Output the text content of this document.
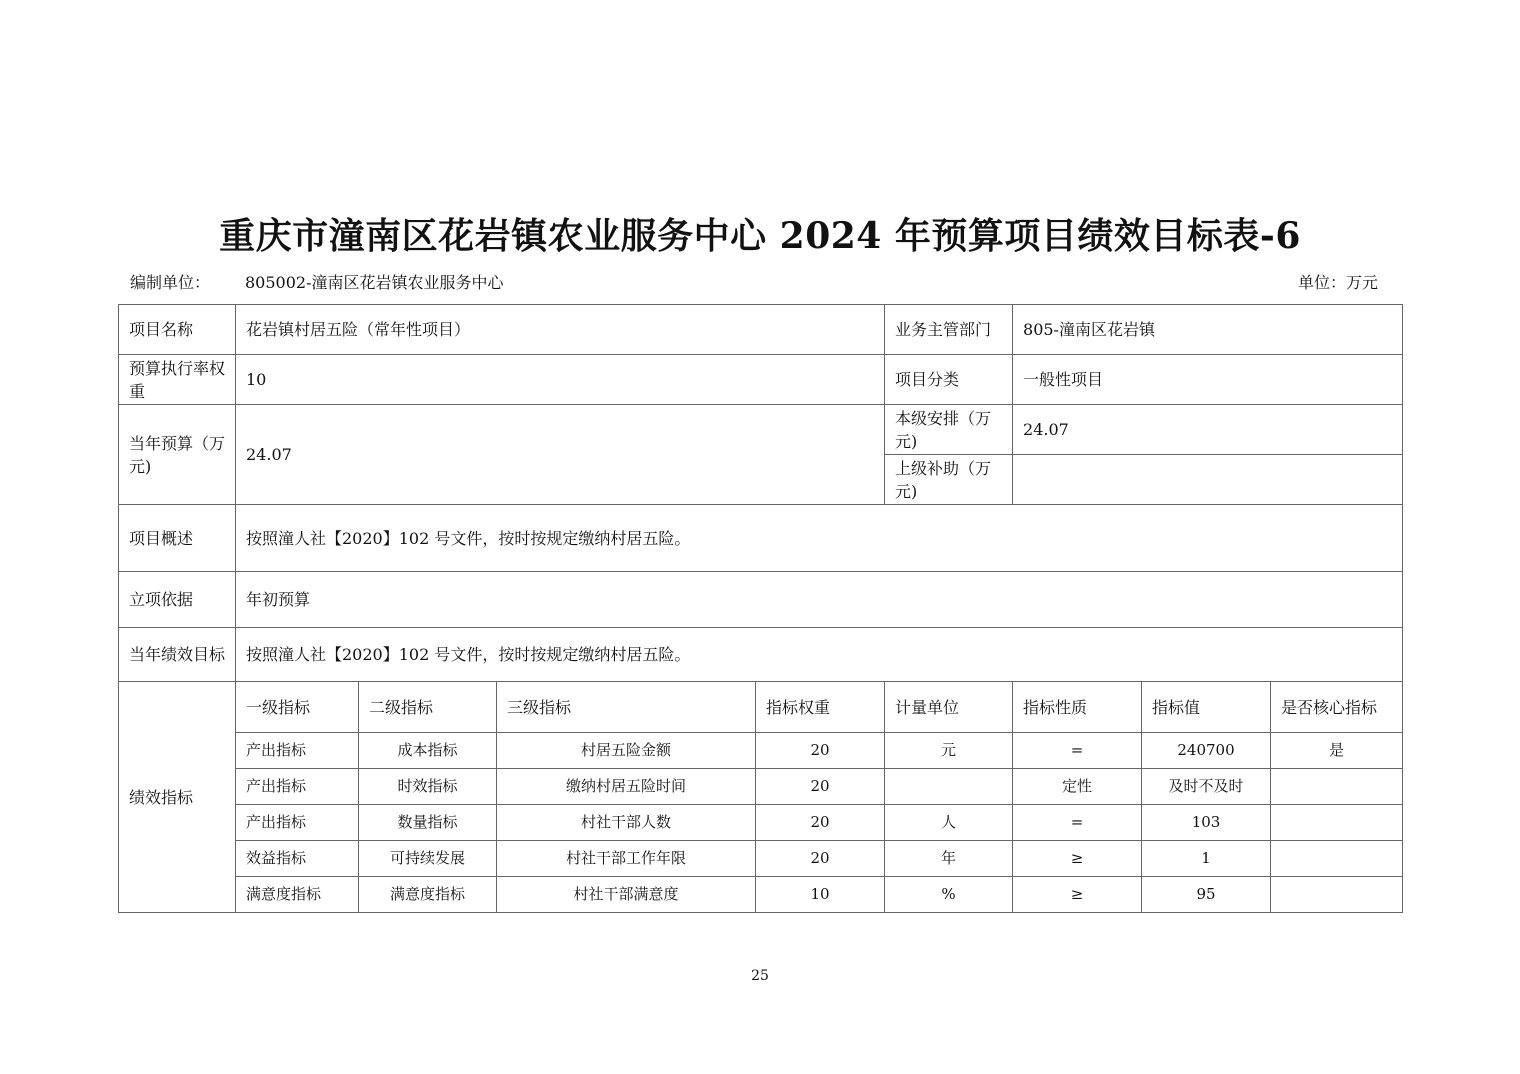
重庆市潼南区花岩镇农业服务中心 2024 年预算项目绩效目标表-6
编制单位： 805002-潼南区花岩镇农业服务中心	单位：万元
项目名称	花岩镇村居五险（常年性项目）				业务主管部门	805-潼南区花岩镇		
预算执行率权重	10				项目分类	一般性项目		
当年预算（万元)	24.07				本级安排（万元)	24.07		
					上级补助（万元)			
项目概述	按照潼人社【2020】102 号文件，按时按规定缴纳村居五险。							
立项依据	年初预算							
当年绩效目标	按照潼人社【2020】102 号文件，按时按规定缴纳村居五险。							
绩效指标	一级指标	二级指标	三级指标	指标权重	计量单位	指标性质	指标值	是否核心指标
	产出指标	成本指标	村居五险金额	20	元	=	240700	是
	产出指标	时效指标	缴纳村居五险时间	20		定性	及时不及时	
	产出指标	数量指标	村社干部人数	20	人	=	103	
	效益指标	可持续发展	村社干部工作年限	20	年	≥	1	
	满意度指标	满意度指标	村社干部满意度	10	%	≥	95	
25
